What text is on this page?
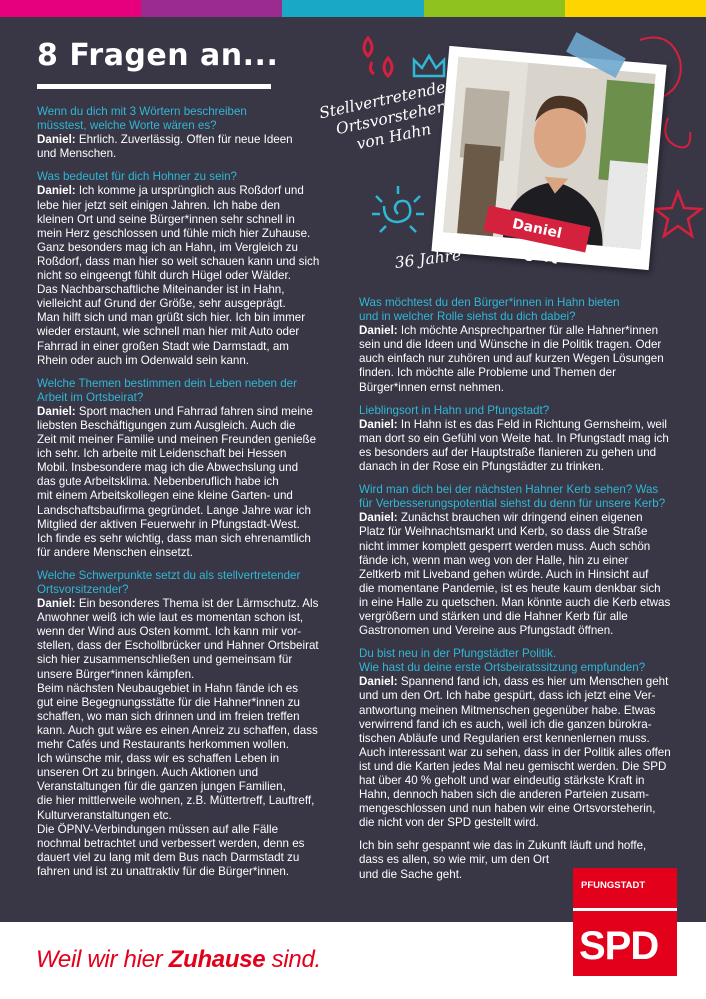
8 Fragen an...
Daniel Regert
Stellvertretender
Ortsvorsteher
von Hahn
36 Jahre
Wenn du dich mit 3 Wörtern beschreiben
müsstest, welche Worte wären es?
Daniel: Ehrlich. Zuverlässig. Offen für neue Ideen
und Menschen.
Was bedeutet für dich Hohner zu sein?
Daniel: Ich komme ja ursprünglich aus Roßdorf und
lebe hier jetzt seit einigen Jahren. Ich habe den
kleinen Ort und seine Bürger*innen sehr schnell in
mein Herz geschlossen und fühle mich hier Zuhause.
Ganz besonders mag ich an Hahn, im Vergleich zu
Roßdorf, dass man hier so weit schauen kann und sich
nicht so eingeengt fühlt durch Hügel oder Wälder.
Das Nachbarschaftliche Miteinander ist in Hahn,
vielleicht auf Grund der Größe, sehr ausgeprägt.
Man hilft sich und man grüßt sich hier. Ich bin immer
wieder erstaunt, wie schnell man hier mit Auto oder
Fahrrad in einer großen Stadt wie Darmstadt, am
Rhein oder auch im Odenwald sein kann.
Welche Themen bestimmen dein Leben neben der
Arbeit im Ortsbeirat?
Daniel: Sport machen und Fahrrad fahren sind meine
liebsten Beschäftigungen zum Ausgleich. Auch die
Zeit mit meiner Familie und meinen Freunden genieße
ich sehr. Ich arbeite mit Leidenschaft bei Hessen
Mobil. Insbesondere mag ich die Abwechslung und
das gute Arbeitsklima. Nebenberuflich habe ich
mit einem Arbeitskollegen eine kleine Garten- und
Landschaftsbaufirma gegründet. Lange Jahre war ich
Mitglied der aktiven Feuerwehr in Pfungstadt-West.
Ich finde es sehr wichtig, dass man sich ehrenamtlich
für andere Menschen einsetzt.
Welche Schwerpunkte setzt du als stellvertretender
Ortsvorsitzender?
Daniel: Ein besonderes Thema ist der Lärmschutz. Als
Anwohner weiß ich wie laut es momentan schon ist,
wenn der Wind aus Osten kommt. Ich kann mir vor-
stellen, dass der Eschollbrücker und Hahner Ortsbeirat
sich hier zusammenschließen und gemeinsam für
unsere Bürger*innen kämpfen.
Beim nächsten Neubaugebiet in Hahn fände ich es
gut eine Begegnungsstätte für die Hahner*innen zu
schaffen, wo man sich drinnen und im freien treffen
kann. Auch gut wäre es einen Anreiz zu schaffen, dass
mehr Cafés und Restaurants herkommen wollen.
Ich wünsche mir, dass wir es schaffen Leben in
unseren Ort zu bringen. Auch Aktionen und
Veranstaltungen für die ganzen jungen Familien,
die hier mittlerweile wohnen, z.B. Müttertreff, Lauftreff,
Kulturveranstaltungen etc.
Die ÖPNV-Verbindungen müssen auf alle Fälle
nochmal betrachtet und verbessert werden, denn es
dauert viel zu lang mit dem Bus nach Darmstadt zu
fahren und ist zu unattraktiv für die Bürger*innen.
Was möchtest du den Bürger*innen in Hahn bieten
und in welcher Rolle siehst du dich dabei?
Daniel: Ich möchte Ansprechpartner für alle Hahner*innen
sein und die Ideen und Wünsche in die Politik tragen. Oder
auch einfach nur zuhören und auf kurzen Wegen Lösungen
finden. Ich möchte alle Probleme und Themen der
Bürger*innen ernst nehmen.
Lieblingsort in Hahn und Pfungstadt?
Daniel: In Hahn ist es das Feld in Richtung Gernsheim, weil
man dort so ein Gefühl von Weite hat. In Pfungstadt mag ich
es besonders auf der Hauptstraße flanieren zu gehen und
danach in der Rose ein Pfungstädter zu trinken.
Wird man dich bei der nächsten Hahner Kerb sehen? Was
für Verbesserungspotential siehst du denn für unsere Kerb?
Daniel: Zunächst brauchen wir dringend einen eigenen
Platz für Weihnachtsmarkt und Kerb, so dass die Straße
nicht immer komplett gesperrt werden muss. Auch schön
fände ich, wenn man weg von der Halle, hin zu einer
Zeltkerb mit Liveband gehen würde. Auch in Hinsicht auf
die momentane Pandemie, ist es heute kaum denkbar sich
in eine Halle zu quetschen. Man könnte auch die Kerb etwas
vergrößern und stärken und die Hahner Kerb für alle
Gastronomen und Vereine aus Pfungstadt öffnen.
Du bist neu in der Pfungstädter Politik.
Wie hast du deine erste Ortsbeiratssitzung empfunden?
Daniel: Spannend fand ich, dass es hier um Menschen geht
und um den Ort. Ich habe gespürt, dass ich jetzt eine Ver-
antwortung meinen Mitmenschen gegenüber habe. Etwas
verwirrend fand ich es auch, weil ich die ganzen bürokra-
tischen Abläufe und Regularien erst kennenlernen muss.
Auch interessant war zu sehen, dass in der Politik alles offen
ist und die Karten jedes Mal neu gemischt werden. Die SPD
hat über 40 % geholt und war eindeutig stärkste Kraft in
Hahn, dennoch haben sich die anderen Parteien zusam-
mengeschlossen und nun haben wir eine Ortsvorsteherin,
die nicht von der SPD gestellt wird.
Ich bin sehr gespannt wie das in Zukunft läuft und hoffe,
dass es allen, so wie mir, um den Ort
und die Sache geht.
Weil wir hier Zuhause sind.
PFUNGSTADT
SPD
